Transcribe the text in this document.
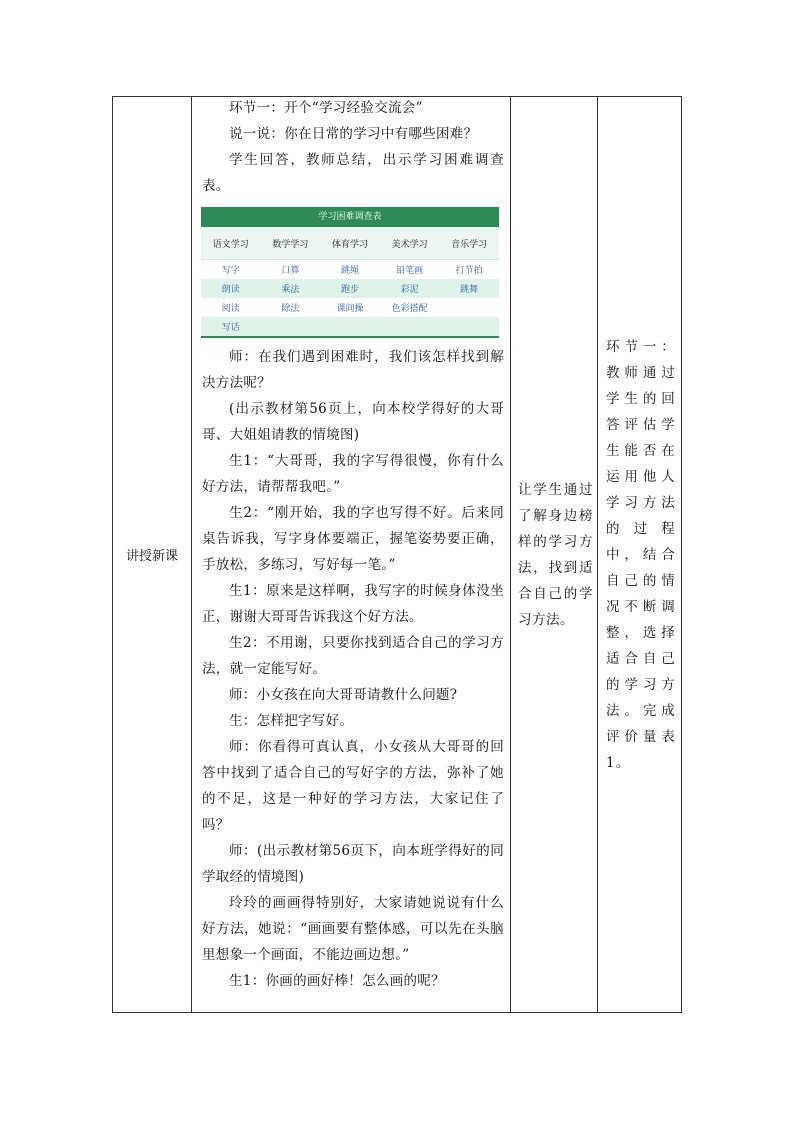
讲授新课

环节一：开个“学习经验交流会”

说一说：你在日常的学习中有哪些困难？

学生回答，教师总结，出示学习困难调查表。

学习困难调查表
语文学习	数学学习	体育学习	美术学习	音乐学习
写字	口算	跳绳	铅笔画	打节拍
朗读	乘法	跑步	彩泥	跳舞
阅读	除法	课间操	色彩搭配
写话

师：在我们遇到困难时，我们该怎样找到解决方法呢？

(出示教材第56页上，向本校学得好的大哥哥、大姐姐请教的情境图)

生1：“大哥哥，我的字写得很慢，你有什么好方法，请帮帮我吧。”

生2：“刚开始，我的字也写得不好。后来同桌告诉我，写字身体要端正，握笔姿势要正确，手放松，多练习，写好每一笔。”

生1：原来是这样啊，我写字的时候身体没坐正，谢谢大哥哥告诉我这个好方法。

生2：不用谢，只要你找到适合自己的学习方法，就一定能写好。

师：小女孩在向大哥哥请教什么问题?

生：怎样把字写好。

师：你看得可真认真，小女孩从大哥哥的回答中找到了适合自己的写好字的方法，弥补了她的不足，这是一种好的学习方法，大家记住了吗？

师：(出示教材第56页下，向本班学得好的同学取经的情境图)

玲玲的画画得特别好，大家请她说说有什么好方法，她说：“画画要有整体感，可以先在头脑里想象一个画面，不能边画边想。”

生1：你画的画好棒！怎么画的呢？

让学生通过了解身边榜样的学习方法，找到适合自己的学习方法。
环节一：教师通过学生的回答评估学生能否在运用他人学习方法的过程中，结合自己的情况不断调整，选择适合自己的学习方法。完成评价量表1。
